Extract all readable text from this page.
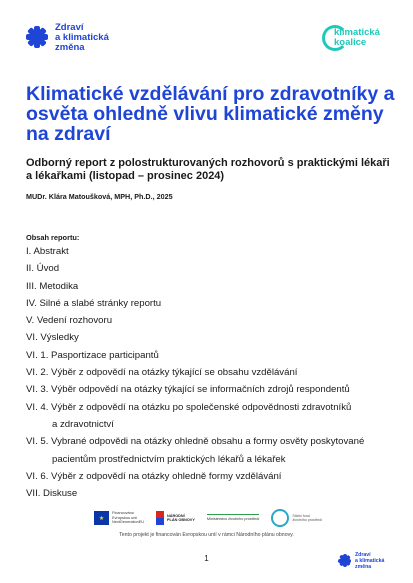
Zdraví
a klimatická
změna
klimatická
koalice
Klimatické vzdělávání pro zdravotníky a osvěta ohledně vlivu klimatické změny na zdraví
Odborný report z polostrukturovaných rozhovorů s praktickými lékaři a lékařkami (listopad – prosinec 2024)
MUDr. Klára Matoušková, MPH, Ph.D., 2025
Obsah reportu:
I. Abstrakt
II. Úvod
III. Metodika
IV. Silné a slabé stránky reportu
V. Vedení rozhovoru
VI. Výsledky
VI. 1. Pasportizace participantů
VI. 2. Výběr z odpovědí na otázky týkající se obsahu vzdělávání
VI. 3. Výběr odpovědí na otázky týkající se informačních zdrojů respondentů
VI. 4. Výběr z odpovědí na otázku po společenské odpovědnosti zdravotníků
a zdravotnictví
VI. 5. Vybrané odpovědi na otázky ohledně obsahu a formy osvěty poskytované
pacientům prostřednictvím praktických lékařů a lékařek
VI. 6. Výběr z odpovědí na otázky ohledně formy vzdělávání
VII. Diskuse
★
Financováno
Evropskou unií
NextGenerationEU
NÁRODNÍ
PLÁN OBNOVY	Ministerstvo životního prostředí
Státní fond
životního prostředí
Tento projekt je financován Evropskou unií v rámci Národního plánu obnovy.
1	Zdraví
a klimatická
změna
